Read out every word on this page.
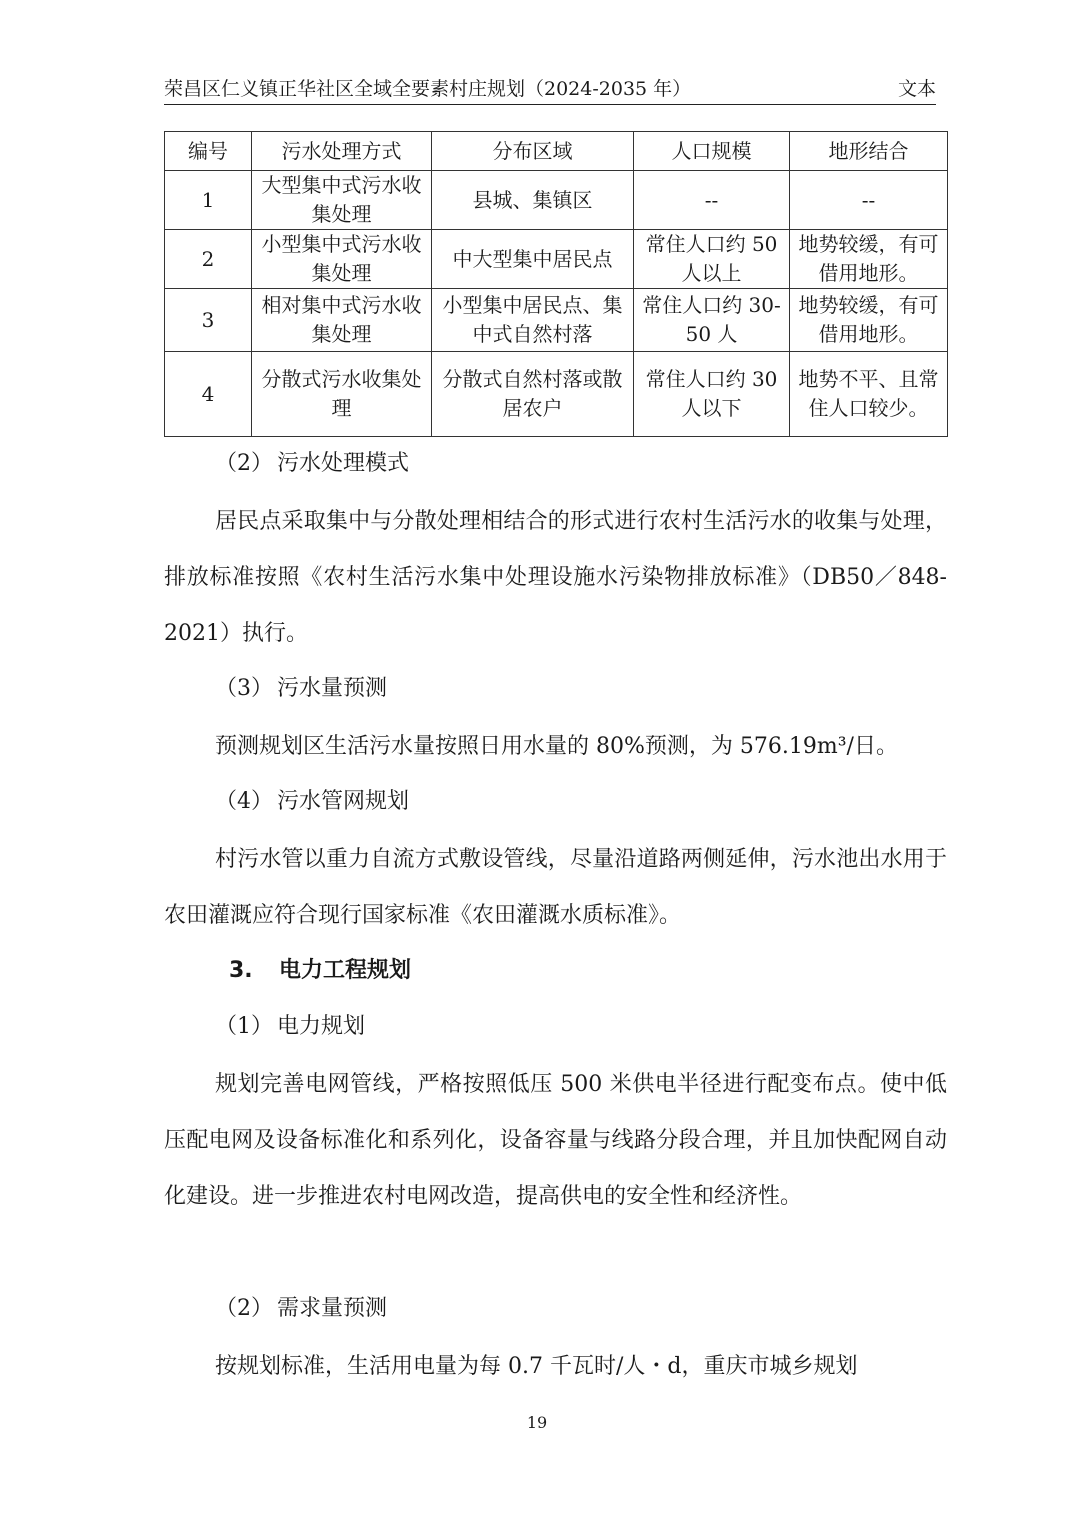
荣昌区仁义镇正华社区全域全要素村庄规划（2024-2035 年）	文本
编号	污水处理方式	分布区域	人口规模	地形结合
1	大型集中式污水收集处理	县城、集镇区	--	--
2	小型集中式污水收集处理	中大型集中居民点	常住人口约 50 人以上	地势较缓，有可借用地形。
3	相对集中式污水收集处理	小型集中居民点、集中式自然村落	常住人口约 30-50 人	地势较缓，有可借用地形。
4	分散式污水收集处理	分散式自然村落或散居农户	常住人口约 30 人以下	地势不平、且常住人口较少。
（2） 污水处理模式

居民点采取集中与分散处理相结合的形式进行农村生活污水的收集与处理，排放标准按照《农村生活污水集中处理设施水污染物排放标准》（DB50／848-2021）执行。

（3） 污水量预测

预测规划区生活污水量按照日用水量的 80%预测，为 576.19m³/日。

（4） 污水管网规划

村污水管以重力自流方式敷设管线，尽量沿道路两侧延伸，污水池出水用于农田灌溉应符合现行国家标准《农田灌溉水质标准》。

3. 电力工程规划
（1） 电力规划

规划完善电网管线，严格按照低压 500 米供电半径进行配变布点。使中低压配电网及设备标准化和系列化，设备容量与线路分段合理，并且加快配网自动化建设。进一步推进农村电网改造，提高供电的安全性和经济性。

（2） 需求量预测

按规划标准，生活用电量为每 0.7 千瓦时/人・d，重庆市城乡规划

19
